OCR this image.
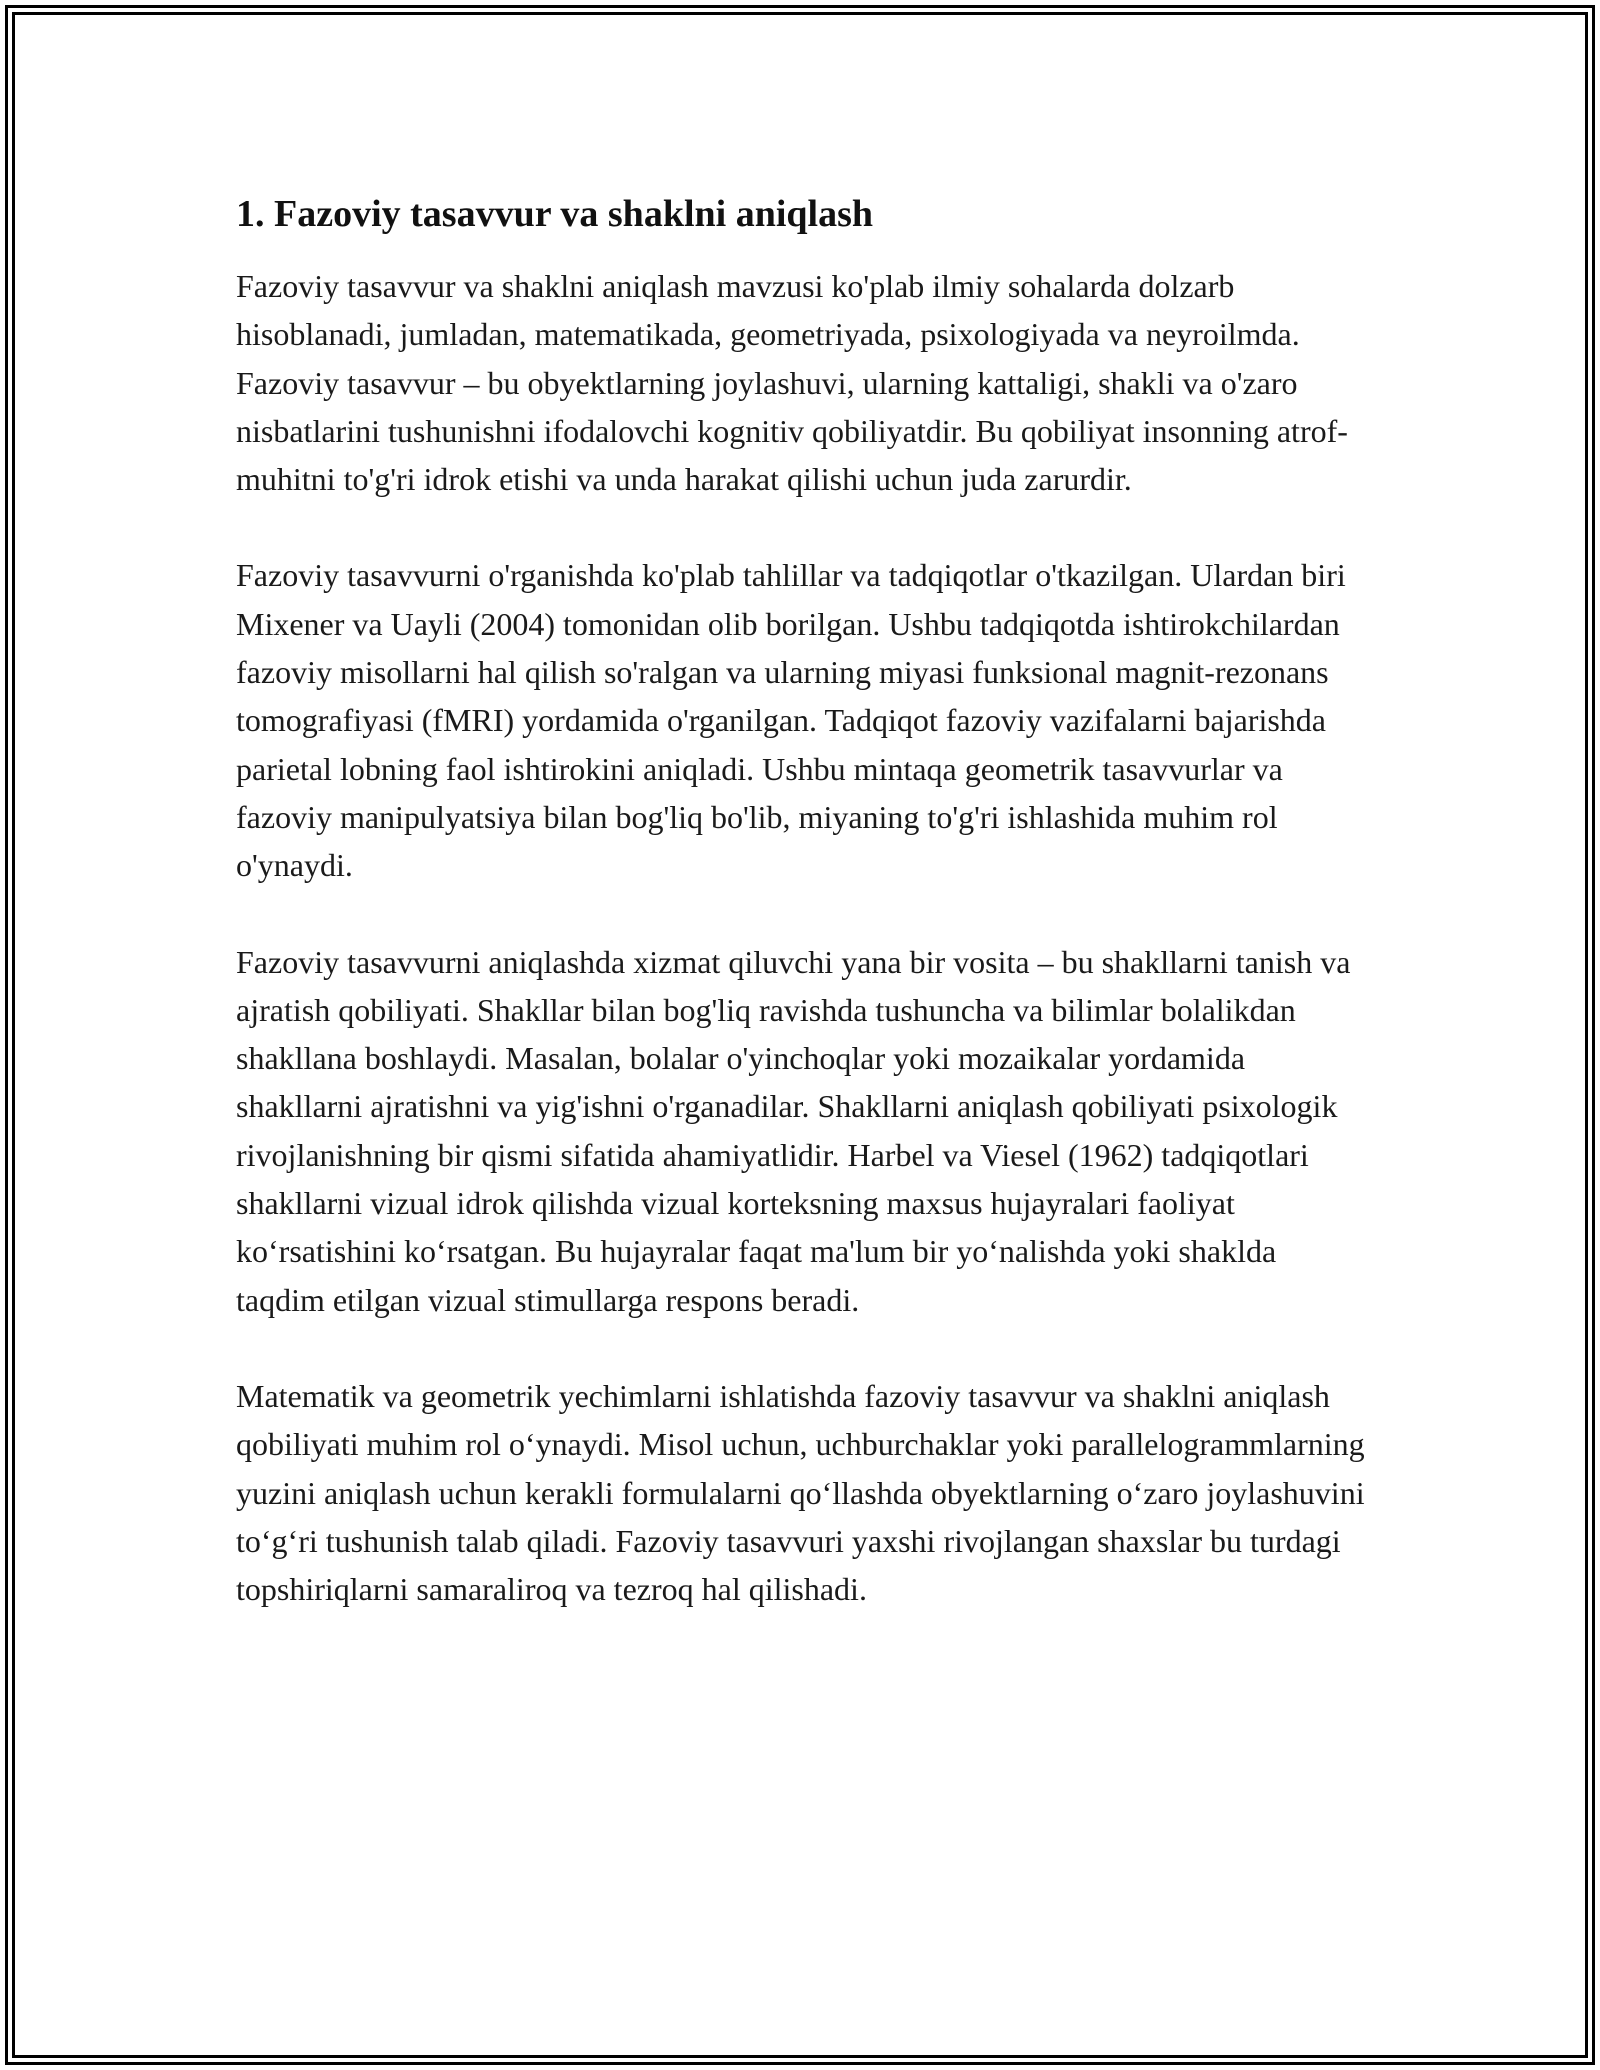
1. Fazoviy tasavvur va shaklni aniqlash

Fazoviy tasavvur va shaklni aniqlash mavzusi ko'plab ilmiy sohalarda dolzarb hisoblanadi, jumladan, matematikada, geometriyada, psixologiyada va neyroilmda. Fazoviy tasavvur – bu obyektlarning joylashuvi, ularning kattaligi, shakli va o'zaro nisbatlarini tushunishni ifodalovchi kognitiv qobiliyatdir. Bu qobiliyat insonning atrof-muhitni to'g'ri idrok etishi va unda harakat qilishi uchun juda zarurdir.

Fazoviy tasavvurni o'rganishda ko'plab tahlillar va tadqiqotlar o'tkazilgan. Ulardan biri Mixener va Uayli (2004) tomonidan olib borilgan. Ushbu tadqiqotda ishtirokchilardan fazoviy misollarni hal qilish so'ralgan va ularning miyasi funksional magnit-rezonans tomografiyasi (fMRI) yordamida o'rganilgan. Tadqiqot fazoviy vazifalarni bajarishda parietal lobning faol ishtirokini aniqladi. Ushbu mintaqa geometrik tasavvurlar va fazoviy manipulyatsiya bilan bog'liq bo'lib, miyaning to'g'ri ishlashida muhim rol o'ynaydi.

Fazoviy tasavvurni aniqlashda xizmat qiluvchi yana bir vosita – bu shakllarni tanish va ajratish qobiliyati. Shakllar bilan bog'liq ravishda tushuncha va bilimlar bolalikdan shakllana boshlaydi. Masalan, bolalar o'yinchoqlar yoki mozaikalar yordamida shakllarni ajratishni va yig'ishni o'rganadilar. Shakllarni aniqlash qobiliyati psixologik rivojlanishning bir qismi sifatida ahamiyatlidir. Harbel va Viesel (1962) tadqiqotlari shakllarni vizual idrok qilishda vizual korteksning maxsus hujayralari faoliyat ko‘rsatishini ko‘rsatgan. Bu hujayralar faqat ma'lum bir yo‘nalishda yoki shaklda taqdim etilgan vizual stimullarga respons beradi.

Matematik va geometrik yechimlarni ishlatishda fazoviy tasavvur va shaklni aniqlash qobiliyati muhim rol o‘ynaydi. Misol uchun, uchburchaklar yoki parallelogrammlarning yuzini aniqlash uchun kerakli formulalarni qo‘llashda obyektlarning o‘zaro joylashuvini to‘g‘ri tushunish talab qiladi. Fazoviy tasavvuri yaxshi rivojlangan shaxslar bu turdagi topshiriqlarni samaraliroq va tezroq hal qilishadi.
